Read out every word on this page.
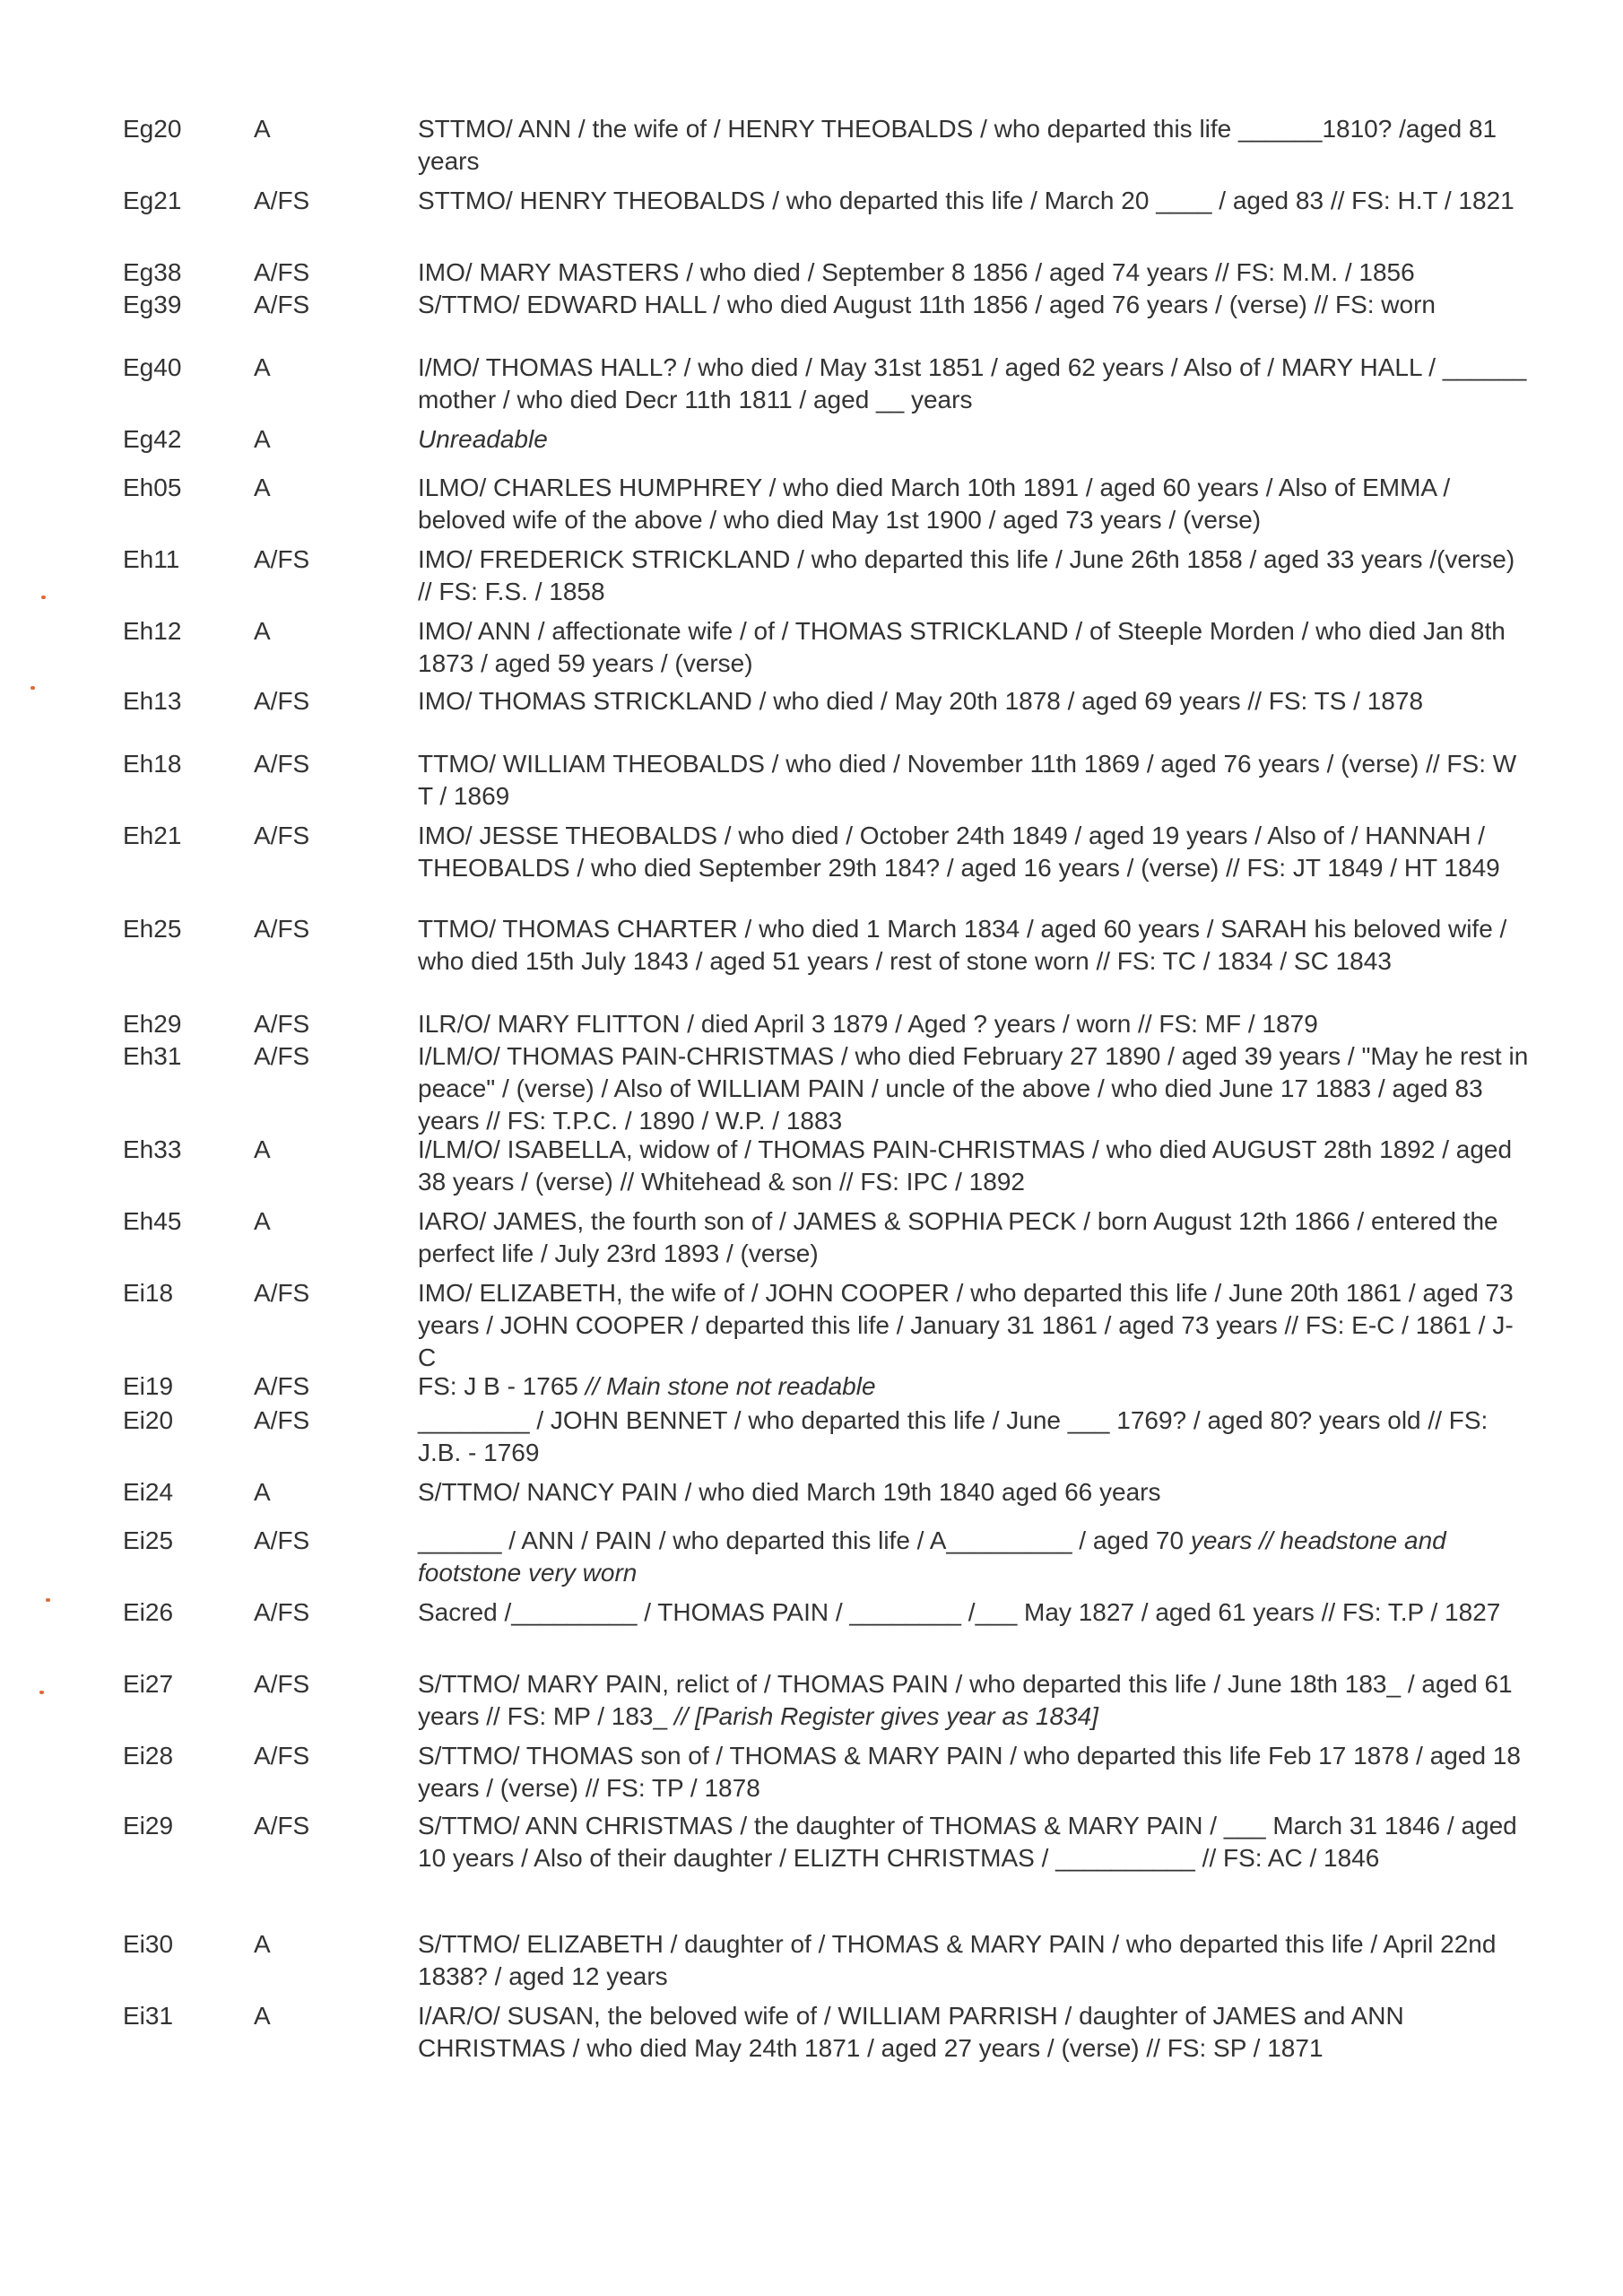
Eg20	A	STTMO/ ANN / the wife of / HENRY THEOBALDS / who departed this life ______1810? /aged 81 years

Eg21	A/FS	STTMO/ HENRY THEOBALDS / who departed this life / March 20 ____ / aged 83 // FS: H.T / 1821

Eg38	A/FS	IMO/ MARY MASTERS / who died / September 8 1856 / aged 74 years // FS: M.M. / 1856

Eg39	A/FS	S/TTMO/ EDWARD HALL / who died August 11th 1856 / aged 76 years / (verse) // FS: worn

Eg40	A	I/MO/ THOMAS HALL? / who died / May 31st 1851 / aged 62 years / Also of / MARY HALL / ______ mother / who died Decr 11th 1811 / aged __ years

Eg42	A	Unreadable

Eh05	A	ILMO/ CHARLES HUMPHREY / who died March 10th 1891 / aged 60 years / Also of EMMA / beloved wife of the above / who died May 1st 1900 / aged 73 years / (verse)

Eh11	A/FS	IMO/ FREDERICK STRICKLAND / who departed this life / June 26th 1858 / aged 33 years /(verse) // FS: F.S. / 1858

Eh12	A	IMO/ ANN / affectionate wife / of / THOMAS STRICKLAND / of Steeple Morden / who died Jan 8th 1873 / aged 59 years / (verse)

Eh13	A/FS	IMO/ THOMAS STRICKLAND / who died / May 20th 1878 / aged 69 years // FS: TS / 1878

Eh18	A/FS	TTMO/ WILLIAM THEOBALDS / who died / November 11th 1869 / aged 76 years / (verse) // FS: W T / 1869

Eh21	A/FS	IMO/ JESSE THEOBALDS / who died / October 24th 1849 / aged 19 years / Also of / HANNAH / THEOBALDS / who died September 29th 184? / aged 16 years / (verse) // FS: JT 1849 / HT 1849

Eh25	A/FS	TTMO/ THOMAS CHARTER / who died 1 March 1834 / aged 60 years / SARAH his beloved wife / who died 15th July 1843 / aged 51 years / rest of stone worn // FS: TC / 1834 / SC 1843

Eh29	A/FS	ILR/O/ MARY FLITTON / died April 3 1879 / Aged ? years / worn // FS: MF / 1879

Eh31	A/FS	I/LM/O/ THOMAS PAIN-CHRISTMAS / who died February 27 1890 / aged 39 years / "May he rest in peace" / (verse) / Also of WILLIAM PAIN / uncle of the above / who died June 17 1883 / aged 83 years // FS: T.P.C. / 1890 / W.P. / 1883

Eh33	A	I/LM/O/ ISABELLA, widow of / THOMAS PAIN-CHRISTMAS / who died AUGUST 28th 1892 / aged 38 years / (verse) // Whitehead & son // FS: IPC / 1892

Eh45	A	IARO/ JAMES, the fourth son of / JAMES & SOPHIA PECK / born August 12th 1866 / entered the perfect life / July 23rd 1893 / (verse)

Ei18	A/FS	IMO/ ELIZABETH, the wife of / JOHN COOPER / who departed this life / June 20th 1861 / aged 73 years / JOHN COOPER / departed this life / January 31 1861 / aged 73 years // FS: E-C / 1861 / J-C

Ei19	A/FS	FS: J B - 1765 // Main stone not readable

Ei20	A/FS	________ / JOHN BENNET / who departed this life / June ___ 1769? / aged 80? years old // FS: J.B. - 1769

Ei24	A	S/TTMO/ NANCY PAIN / who died March 19th 1840 aged 66 years

Ei25	A/FS	______ / ANN / PAIN / who departed this life / A_________ / aged 70 years // headstone and footstone very worn

Ei26	A/FS	Sacred /_________ / THOMAS PAIN / ________ /___ May 1827 / aged 61 years // FS: T.P / 1827

Ei27	A/FS	S/TTMO/ MARY PAIN, relict of / THOMAS PAIN / who departed this life / June 18th 183_ / aged 61 years // FS: MP / 183_ // [Parish Register gives year as 1834]

Ei28	A/FS	S/TTMO/ THOMAS son of / THOMAS & MARY PAIN / who departed this life Feb 17 1878 / aged 18 years / (verse) // FS: TP / 1878

Ei29	A/FS	S/TTMO/ ANN CHRISTMAS / the daughter of THOMAS & MARY PAIN / ___ March 31 1846 / aged 10 years / Also of their daughter / ELIZTH CHRISTMAS / __________ // FS: AC / 1846

Ei30	A	S/TTMO/ ELIZABETH / daughter of / THOMAS & MARY PAIN / who departed this life / April 22nd 1838? / aged 12 years

Ei31	A	I/AR/O/ SUSAN, the beloved wife of / WILLIAM PARRISH / daughter of JAMES and ANN CHRISTMAS / who died May 24th 1871 / aged 27 years / (verse) // FS: SP / 1871
